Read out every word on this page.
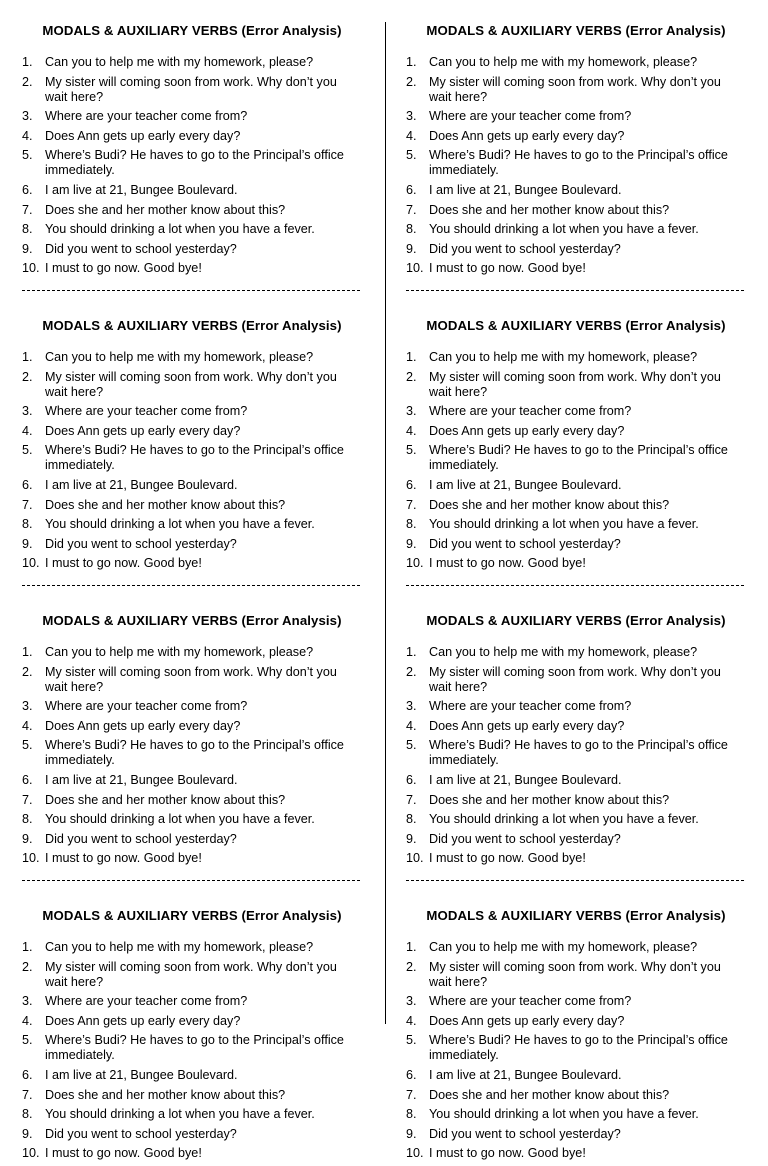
MODALS & AUXILIARY VERBS (Error Analysis)
1. Can you to help me with my homework, please?
2. My sister will coming soon from work. Why don’t you wait here?
3. Where are your teacher come from?
4. Does Ann gets up early every day?
5. Where’s Budi? He haves to go to the Principal’s office immediately.
6. I am live at 21, Bungee Boulevard.
7. Does she and her mother know about this?
8. You should drinking a lot when you have a fever.
9. Did you went to school yesterday?
10. I must to go now. Good bye!
MODALS & AUXILIARY VERBS (Error Analysis)
1. Can you to help me with my homework, please?
2. My sister will coming soon from work. Why don’t you wait here?
3. Where are your teacher come from?
4. Does Ann gets up early every day?
5. Where’s Budi? He haves to go to the Principal’s office immediately.
6. I am live at 21, Bungee Boulevard.
7. Does she and her mother know about this?
8. You should drinking a lot when you have a fever.
9. Did you went to school yesterday?
10. I must to go now. Good bye!
MODALS & AUXILIARY VERBS (Error Analysis)
1. Can you to help me with my homework, please?
2. My sister will coming soon from work. Why don’t you wait here?
3. Where are your teacher come from?
4. Does Ann gets up early every day?
5. Where’s Budi? He haves to go to the Principal’s office immediately.
6. I am live at 21, Bungee Boulevard.
7. Does she and her mother know about this?
8. You should drinking a lot when you have a fever.
9. Did you went to school yesterday?
10. I must to go now. Good bye!
MODALS & AUXILIARY VERBS (Error Analysis)
1. Can you to help me with my homework, please?
2. My sister will coming soon from work. Why don’t you wait here?
3. Where are your teacher come from?
4. Does Ann gets up early every day?
5. Where’s Budi? He haves to go to the Principal’s office immediately.
6. I am live at 21, Bungee Boulevard.
7. Does she and her mother know about this?
8. You should drinking a lot when you have a fever.
9. Did you went to school yesterday?
10. I must to go now. Good bye!
MODALS & AUXILIARY VERBS (Error Analysis)
1. Can you to help me with my homework, please?
2. My sister will coming soon from work. Why don’t you wait here?
3. Where are your teacher come from?
4. Does Ann gets up early every day?
5. Where’s Budi? He haves to go to the Principal’s office immediately.
6. I am live at 21, Bungee Boulevard.
7. Does she and her mother know about this?
8. You should drinking a lot when you have a fever.
9. Did you went to school yesterday?
10. I must to go now. Good bye!
MODALS & AUXILIARY VERBS (Error Analysis)
1. Can you to help me with my homework, please?
2. My sister will coming soon from work. Why don’t you wait here?
3. Where are your teacher come from?
4. Does Ann gets up early every day?
5. Where’s Budi? He haves to go to the Principal’s office immediately.
6. I am live at 21, Bungee Boulevard.
7. Does she and her mother know about this?
8. You should drinking a lot when you have a fever.
9. Did you went to school yesterday?
10. I must to go now. Good bye!
MODALS & AUXILIARY VERBS (Error Analysis)
1. Can you to help me with my homework, please?
2. My sister will coming soon from work. Why don’t you wait here?
3. Where are your teacher come from?
4. Does Ann gets up early every day?
5. Where’s Budi? He haves to go to the Principal’s office immediately.
6. I am live at 21, Bungee Boulevard.
7. Does she and her mother know about this?
8. You should drinking a lot when you have a fever.
9. Did you went to school yesterday?
10. I must to go now. Good bye!
MODALS & AUXILIARY VERBS (Error Analysis)
1. Can you to help me with my homework, please?
2. My sister will coming soon from work. Why don’t you wait here?
3. Where are your teacher come from?
4. Does Ann gets up early every day?
5. Where’s Budi? He haves to go to the Principal’s office immediately.
6. I am live at 21, Bungee Boulevard.
7. Does she and her mother know about this?
8. You should drinking a lot when you have a fever.
9. Did you went to school yesterday?
10. I must to go now. Good bye!
